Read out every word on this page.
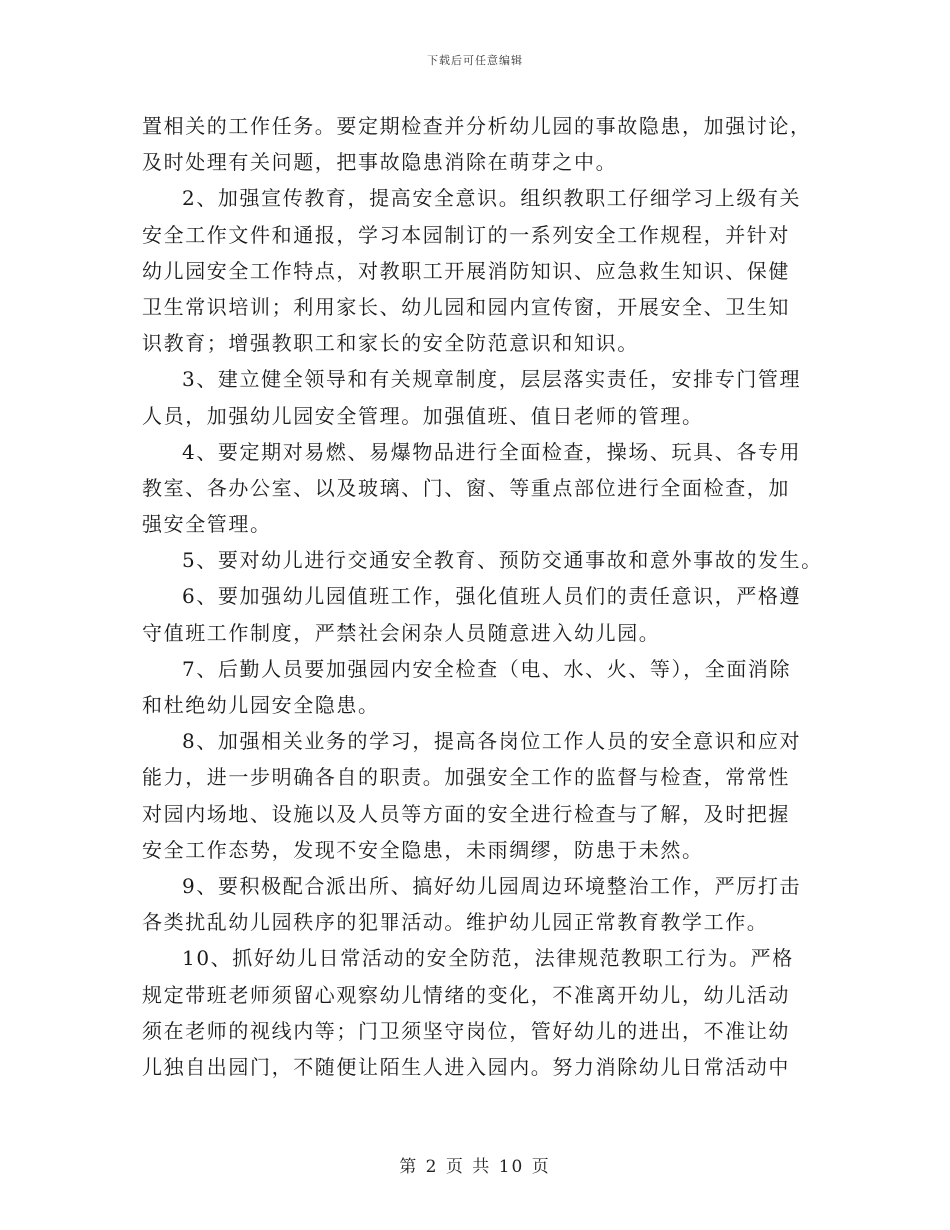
下载后可任意编辑
置相关的工作任务。要定期检查并分析幼儿园的事故隐患，加强讨论，
及时处理有关问题，把事故隐患消除在萌芽之中。
2、加强宣传教育，提高安全意识。组织教职工仔细学习上级有关
安全工作文件和通报，学习本园制订的一系列安全工作规程，并针对
幼儿园安全工作特点，对教职工开展消防知识、应急救生知识、保健
卫生常识培训；利用家长、幼儿园和园内宣传窗，开展安全、卫生知
识教育；增强教职工和家长的安全防范意识和知识。
3、建立健全领导和有关规章制度，层层落实责任，安排专门管理
人员，加强幼儿园安全管理。加强值班、值日老师的管理。
4、要定期对易燃、易爆物品进行全面检查，操场、玩具、各专用
教室、各办公室、以及玻璃、门、窗、等重点部位进行全面检查，加
强安全管理。
5、要对幼儿进行交通安全教育、预防交通事故和意外事故的发生。
6、要加强幼儿园值班工作，强化值班人员们的责任意识，严格遵
守值班工作制度，严禁社会闲杂人员随意进入幼儿园。
7、后勤人员要加强园内安全检查（电、水、火、等），全面消除
和杜绝幼儿园安全隐患。
8、加强相关业务的学习，提高各岗位工作人员的安全意识和应对
能力，进一步明确各自的职责。加强安全工作的监督与检查，常常性
对园内场地、设施以及人员等方面的安全进行检查与了解，及时把握
安全工作态势，发现不安全隐患，未雨绸缪，防患于未然。
9、要积极配合派出所、搞好幼儿园周边环境整治工作，严厉打击
各类扰乱幼儿园秩序的犯罪活动。维护幼儿园正常教育教学工作。
10、抓好幼儿日常活动的安全防范，法律规范教职工行为。严格
规定带班老师须留心观察幼儿情绪的变化，不准离开幼儿，幼儿活动
须在老师的视线内等；门卫须坚守岗位，管好幼儿的进出，不准让幼
儿独自出园门，不随便让陌生人进入园内。努力消除幼儿日常活动中
第 2 页 共 10 页
